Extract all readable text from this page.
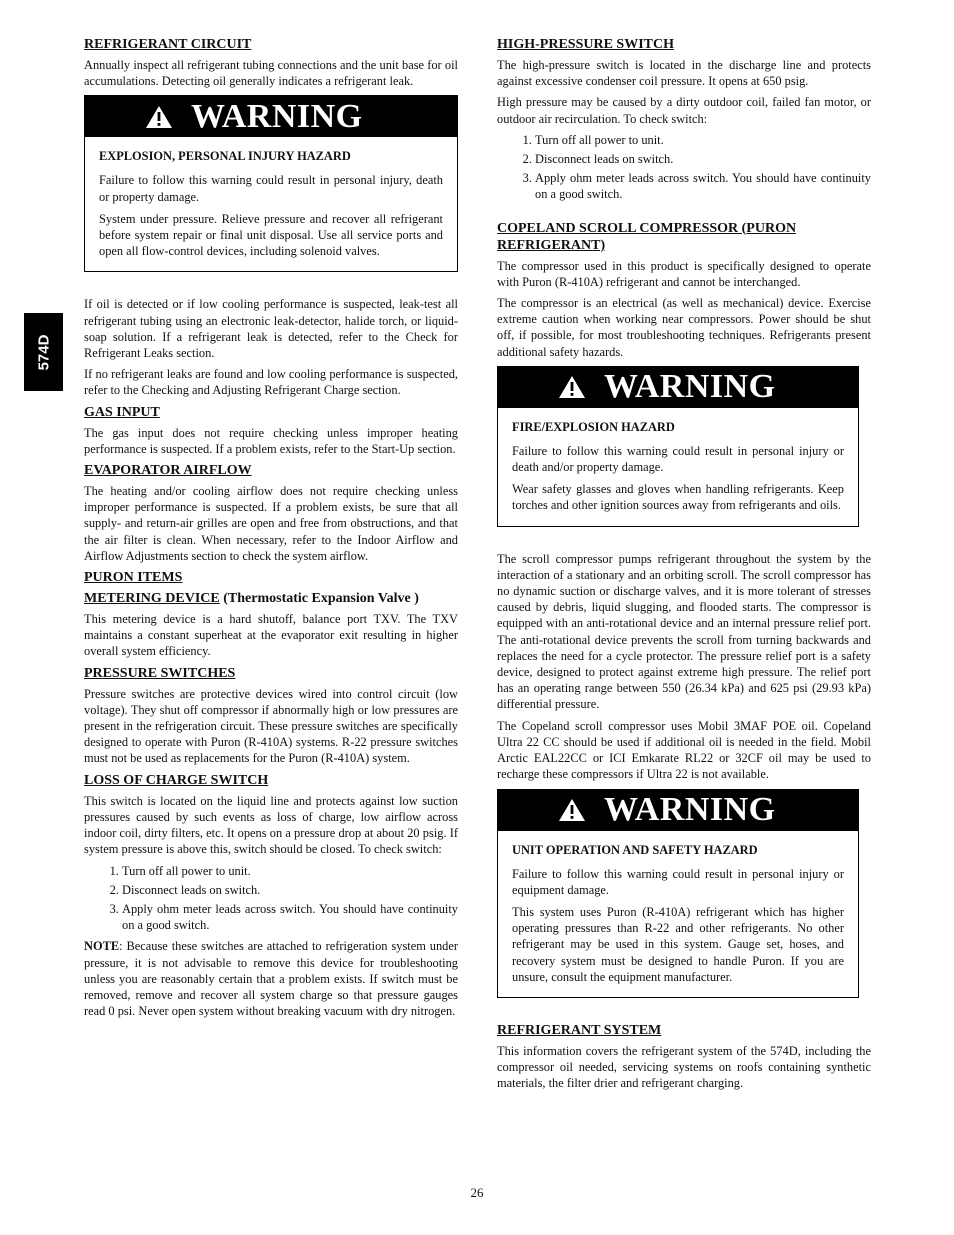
574D
REFRIGERANT CIRCUIT

Annually inspect all refrigerant tubing connections and the unit base for oil accumulations. Detecting oil generally indicates a refrigerant leak.

WARNING
EXPLOSION, PERSONAL INJURY HAZARD

Failure to follow this warning could result in personal injury, death or property damage.

System under pressure. Relieve pressure and recover all refrigerant before system repair or final unit disposal. Use all service ports and open all flow-control devices, including solenoid valves.

If oil is detected or if low cooling performance is suspected, leak-test all refrigerant tubing using an electronic leak-detector, halide torch, or liquid-soap solution. If a refrigerant leak is detected, refer to the Check for Refrigerant Leaks section.

If no refrigerant leaks are found and low cooling performance is suspected, refer to the Checking and Adjusting Refrigerant Charge section.

GAS INPUT

The gas input does not require checking unless improper heating performance is suspected. If a problem exists, refer to the Start-Up section.

EVAPORATOR AIRFLOW

The heating and/or cooling airflow does not require checking unless improper performance is suspected. If a problem exists, be sure that all supply- and return-air grilles are open and free from obstructions, and that the air filter is clean. When necessary, refer to the Indoor Airflow and Airflow Adjustments section to check the system airflow.

PURON ITEMS
METERING DEVICE (Thermostatic Expansion Valve )

This metering device is a hard shutoff, balance port TXV. The TXV maintains a constant superheat at the evaporator exit resulting in higher overall system efficiency.

PRESSURE SWITCHES

Pressure switches are protective devices wired into control circuit (low voltage). They shut off compressor if abnormally high or low pressures are present in the refrigeration circuit. These pressure switches are specifically designed to operate with Puron (R-410A) systems. R-22 pressure switches must not be used as replacements for the Puron (R-410A) system.

LOSS OF CHARGE SWITCH

This switch is located on the liquid line and protects against low suction pressures caused by such events as loss of charge, low airflow across indoor coil, dirty filters, etc. It opens on a pressure drop at about 20 psig. If system pressure is above this, switch should be closed. To check switch:

1. Turn off all power to unit.
2. Disconnect leads on switch.
3. Apply ohm meter leads across switch. You should have continuity on a good switch.

NOTE: Because these switches are attached to refrigeration system under pressure, it is not advisable to remove this device for troubleshooting unless you are reasonably certain that a problem exists. If switch must be removed, remove and recover all system charge so that pressure gauges read 0 psi. Never open system without breaking vacuum with dry nitrogen.

HIGH-PRESSURE SWITCH

The high-pressure switch is located in the discharge line and protects against excessive condenser coil pressure. It opens at 650 psig.

High pressure may be caused by a dirty outdoor coil, failed fan motor, or outdoor air recirculation. To check switch:

1. Turn off all power to unit.
2. Disconnect leads on switch.
3. Apply ohm meter leads across switch. You should have continuity on a good switch.
COPELAND SCROLL COMPRESSOR (PURON REFRIGERANT)

The compressor used in this product is specifically designed to operate with Puron (R-410A) refrigerant and cannot be interchanged.

The compressor is an electrical (as well as mechanical) device. Exercise extreme caution when working near compressors. Power should be shut off, if possible, for most troubleshooting techniques. Refrigerants present additional safety hazards.

WARNING
FIRE/EXPLOSION HAZARD

Failure to follow this warning could result in personal injury or death and/or property damage.

Wear safety glasses and gloves when handling refrigerants. Keep torches and other ignition sources away from refrigerants and oils.

The scroll compressor pumps refrigerant throughout the system by the interaction of a stationary and an orbiting scroll. The scroll compressor has no dynamic suction or discharge valves, and it is more tolerant of stresses caused by debris, liquid slugging, and flooded starts. The compressor is equipped with an anti-rotational device and an internal pressure relief port. The anti-rotational device prevents the scroll from turning backwards and replaces the need for a cycle protector. The pressure relief port is a safety device, designed to protect against extreme high pressure. The relief port has an operating range between 550 (26.34 kPa) and 625 psi (29.93 kPa) differential pressure.

The Copeland scroll compressor uses Mobil 3MAF POE oil. Copeland Ultra 22 CC should be used if additional oil is needed in the field. Mobil Arctic EAL22CC or ICI Emkarate RL22 or 32CF oil may be used to recharge these compressors if Ultra 22 is not available.

WARNING
UNIT OPERATION AND SAFETY HAZARD

Failure to follow this warning could result in personal injury or equipment damage.

This system uses Puron (R-410A) refrigerant which has higher operating pressures than R-22 and other refrigerants. No other refrigerant may be used in this system. Gauge set, hoses, and recovery system must be designed to handle Puron. If you are unsure, consult the equipment manufacturer.

REFRIGERANT SYSTEM

This information covers the refrigerant system of the 574D, including the compressor oil needed, servicing systems on roofs containing synthetic materials, the filter drier and refrigerant charging.

26
